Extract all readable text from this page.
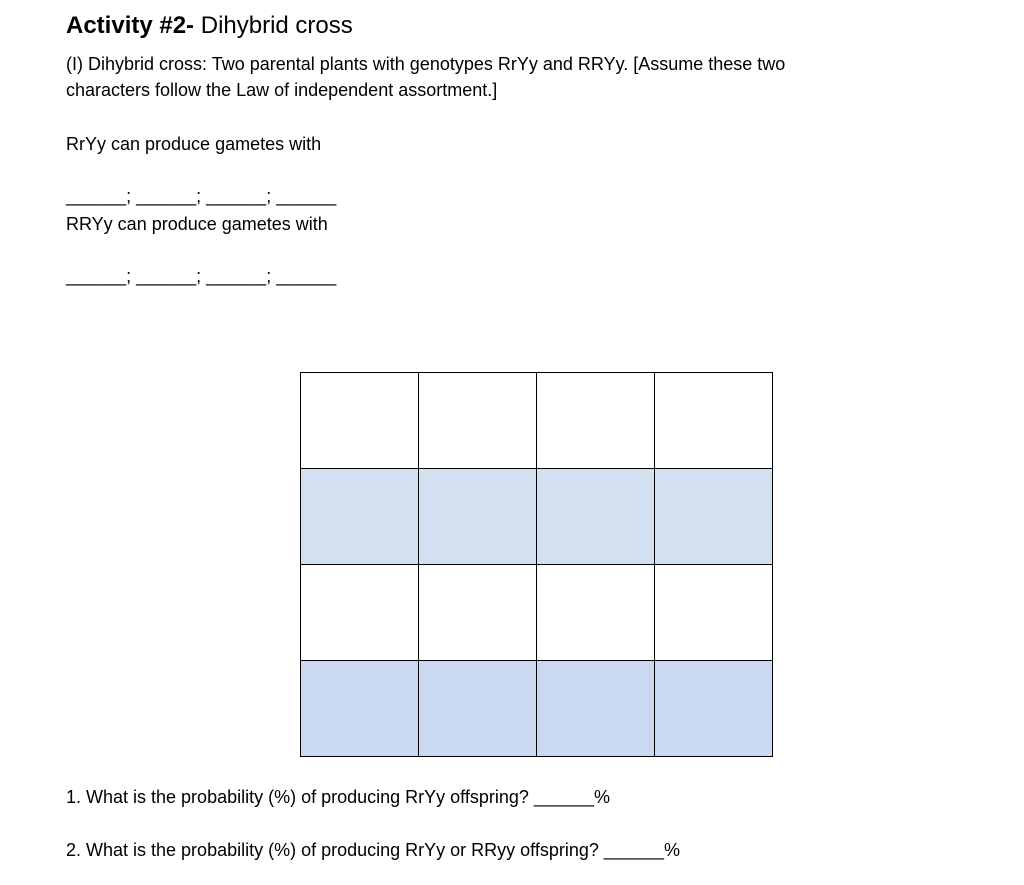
Activity #2- Dihybrid cross
(I) Dihybrid cross: Two parental plants with genotypes RrYy and RRYy. [Assume these two
characters follow the Law of independent assortment.]
RrYy can produce gametes with
______; ______; ______; ______
RRYy can produce gametes with
______; ______; ______; ______

1. What is the probability (%) of producing RrYy offspring? ______%
2. What is the probability (%) of producing RrYy or RRyy offspring? ______%
